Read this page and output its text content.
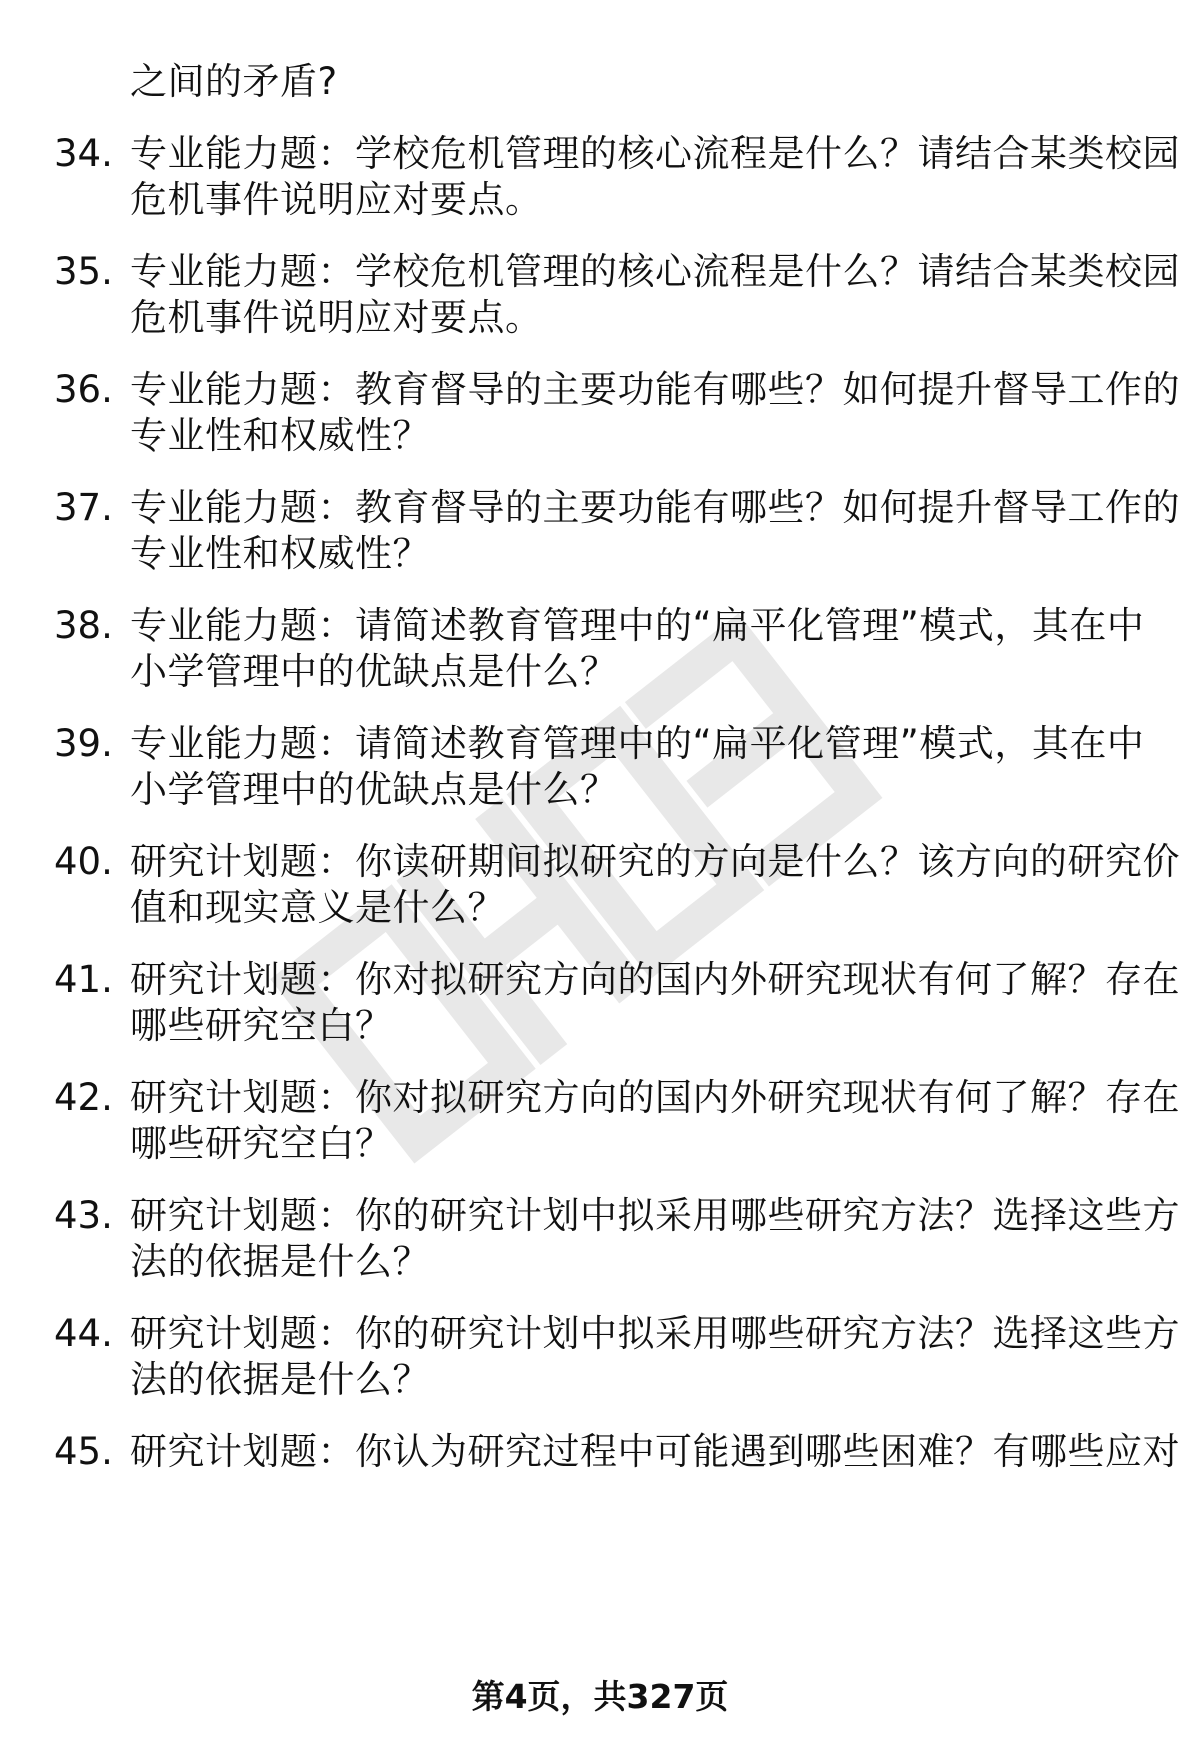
之间的矛盾?
34. 专业能力题：学校危机管理的核心流程是什么？请结合某类校园
危机事件说明应对要点。
35. 专业能力题：学校危机管理的核心流程是什么？请结合某类校园
危机事件说明应对要点。
36. 专业能力题：教育督导的主要功能有哪些？如何提升督导工作的
专业性和权威性？
37. 专业能力题：教育督导的主要功能有哪些？如何提升督导工作的
专业性和权威性？
38. 专业能力题：请简述教育管理中的“扁平化管理”模式，其在中
小学管理中的优缺点是什么？
39. 专业能力题：请简述教育管理中的“扁平化管理”模式，其在中
小学管理中的优缺点是什么？
40. 研究计划题：你读研期间拟研究的方向是什么？该方向的研究价
值和现实意义是什么？
41. 研究计划题：你对拟研究方向的国内外研究现状有何了解？存在
哪些研究空白？
42. 研究计划题：你对拟研究方向的国内外研究现状有何了解？存在
哪些研究空白？
43. 研究计划题：你的研究计划中拟采用哪些研究方法？选择这些方
法的依据是什么？
44. 研究计划题：你的研究计划中拟采用哪些研究方法？选择这些方
法的依据是什么？
45. 研究计划题：你认为研究过程中可能遇到哪些困难？有哪些应对
第4页，共327页
